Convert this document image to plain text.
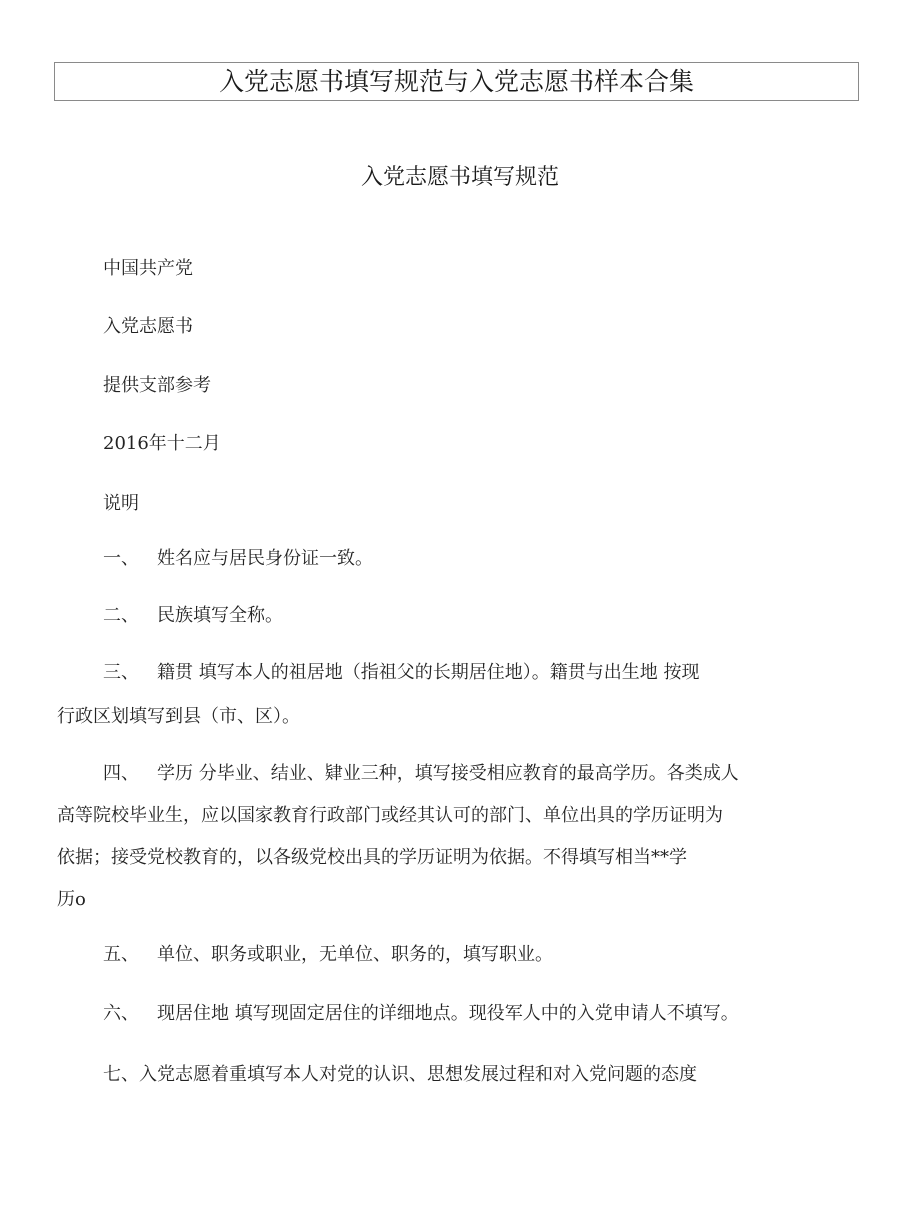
入党志愿书填写规范与入党志愿书样本合集
入党志愿书填写规范
中国共产党
入党志愿书
提供支部参考
2016年十二月
说明
一、 姓名应与居民身份证一致。
二、 民族填写全称。
三、 籍贯 填写本人的祖居地（指祖父的长期居住地）。籍贯与出生地 按现
行政区划填写到县（市、区）。
四、 学历 分毕业、结业、肄业三种，填写接受相应教育的最高学历。各类成人
高等院校毕业生，应以国家教育行政部门或经其认可的部门、单位出具的学历证明为
依据；接受党校教育的，以各级党校出具的学历证明为依据。不得填写相当**学
历o
五、 单位、职务或职业，无单位、职务的，填写职业。
六、 现居住地 填写现固定居住的详细地点。现役军人中的入党申请人不填写。
七、入党志愿着重填写本人对党的认识、思想发展过程和对入党问题的态度
